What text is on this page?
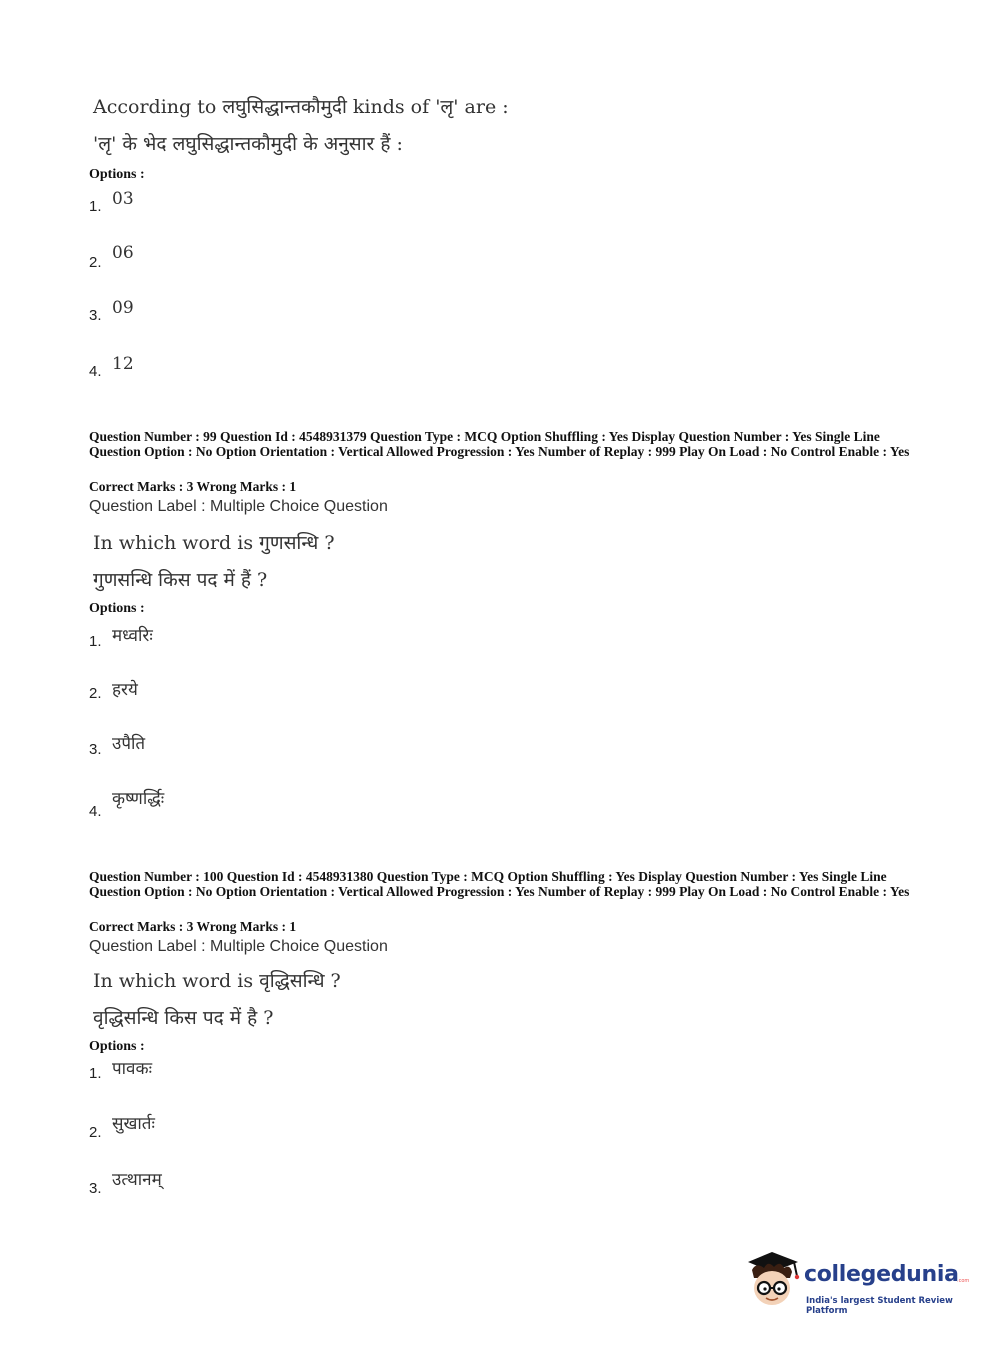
According to लघुसिद्धान्तकौमुदी kinds of 'लृ' are :
'लृ' के भेद लघुसिद्धान्तकौमुदी के अनुसार हैं :
Options :
1. 03
2. 06
3. 09
4. 12
Question Number : 99 Question Id : 4548931379 Question Type : MCQ Option Shuffling : Yes Display Question Number : Yes Single Line Question Option : No Option Orientation : Vertical Allowed Progression : Yes Number of Replay : 999 Play On Load : No Control Enable : Yes
Correct Marks : 3 Wrong Marks : 1
Question Label : Multiple Choice Question
In which word is गुणसन्धि ?
गुणसन्धि किस पद में हैं ?
Options :
1. मध्वरिः
2. हरये
3. उपैति
4.
कृष्णर्द्धिः
Question Number : 100 Question Id : 4548931380 Question Type : MCQ Option Shuffling : Yes Display Question Number : Yes Single Line Question Option : No Option Orientation : Vertical Allowed Progression : Yes Number of Replay : 999 Play On Load : No Control Enable : Yes
Correct Marks : 3 Wrong Marks : 1
Question Label : Multiple Choice Question
In which word is वृद्धिसन्धि ?
वृद्धिसन्धि किस पद में है ?
Options :
1. पावकः
2. सुखार्तः
3. उत्थानम्
collegedunia
.com
India's largest Student Review Platform
